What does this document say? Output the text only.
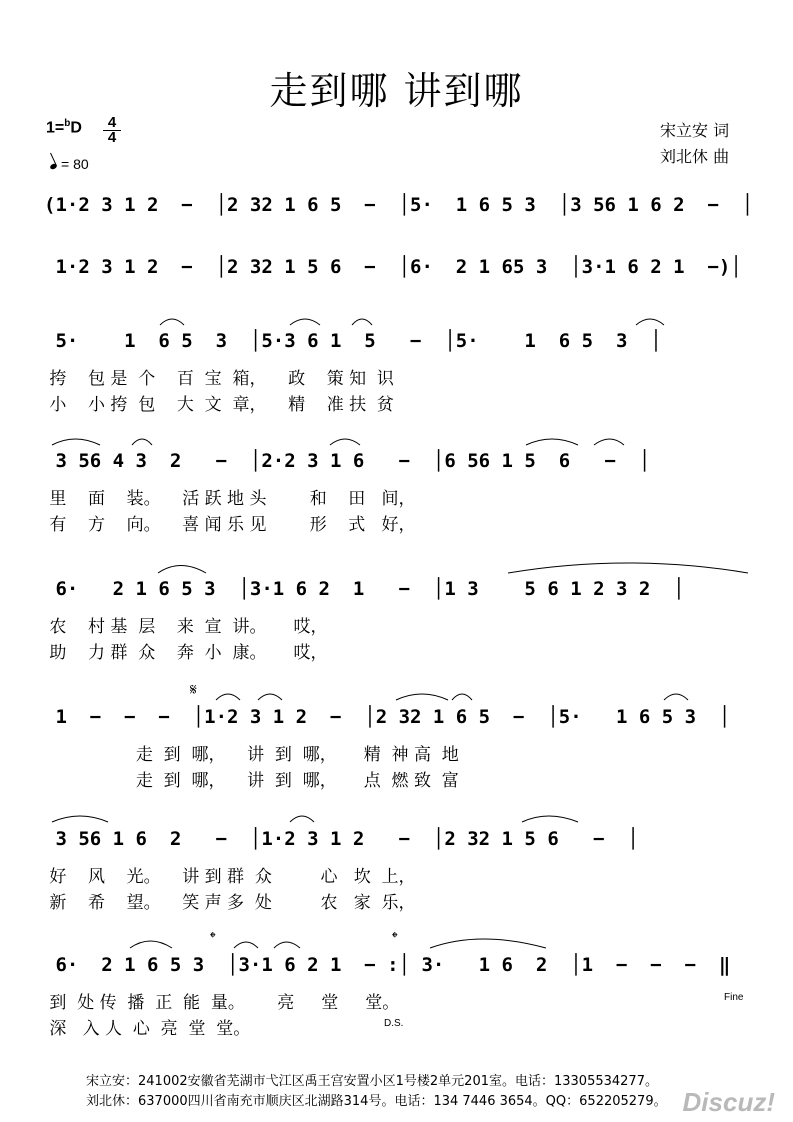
走到哪 讲到哪
1=$^b$D	4
4
= 80
宋立安 词
刘北休 曲
(1·2 3 1 2  −  │2 32 1 6 5  −  │5·  1 6 5 3  │3 56 1 6 2  −  │
1·2 3 1 2  −  │2 32 1 5 6  −  │6·  2 1 65 3  │3·1 6 2 1  −)│
5·    1  6 5  3  │5·3 6 1  5   −  │5·    1  6 5  3  │
挎    包 是  个    百  宝  箱，    政    策 知  识
小    小 挎  包    大  文  章，    精    准 扶  贫
3 56 4 3  2   −  │2·2 3 1 6   −  │6 56 1 5  6   −  │
里    面    装。    活 跃 地 头        和    田   间，
有    方    向。    喜 闻 乐 见        形    式   好，
6·   2 1 6 5 3  │3·1 6 2  1   −  │1 3    5 6 1 2 3 2  │
农    村 基  层    来  宣  讲。     哎，
助    力 群  众    奔  小  康。     哎，
1  −  −  −  │1·2 3 1 2  −  │2 32 1 6 5  −  │5·   1 6 5 3  │
走  到  哪，    讲  到  哪，     精  神 高  地
走  到  哪，    讲  到  哪，     点  燃 致  富
𝄋
3 56 1 6  2   −  │1·2 3 1 2   −  │2 32 1 5 6   −  │
好    风    光。    讲 到 群  众         心   坎  上，
新    希    望。    笑 声 多  处         农   家  乐，
6·  2 1 6 5 3  │3·1 6 2 1  − :│ 3·   1 6  2  │1  −  −  −  ‖
到  处 传  播  正  能  量。      亮     堂     堂。
深   入 人  心  亮  堂  堂。
𝄌	𝄌
Fine
D.S.
宋立安：241002安徽省芜湖市弋江区禹王宫安置小区1号楼2单元201室。电话：13305534277。
刘北休：637000四川省南充市顺庆区北湖路314号。电话：134 7446 3654。QQ：652205279。 Discuz!
